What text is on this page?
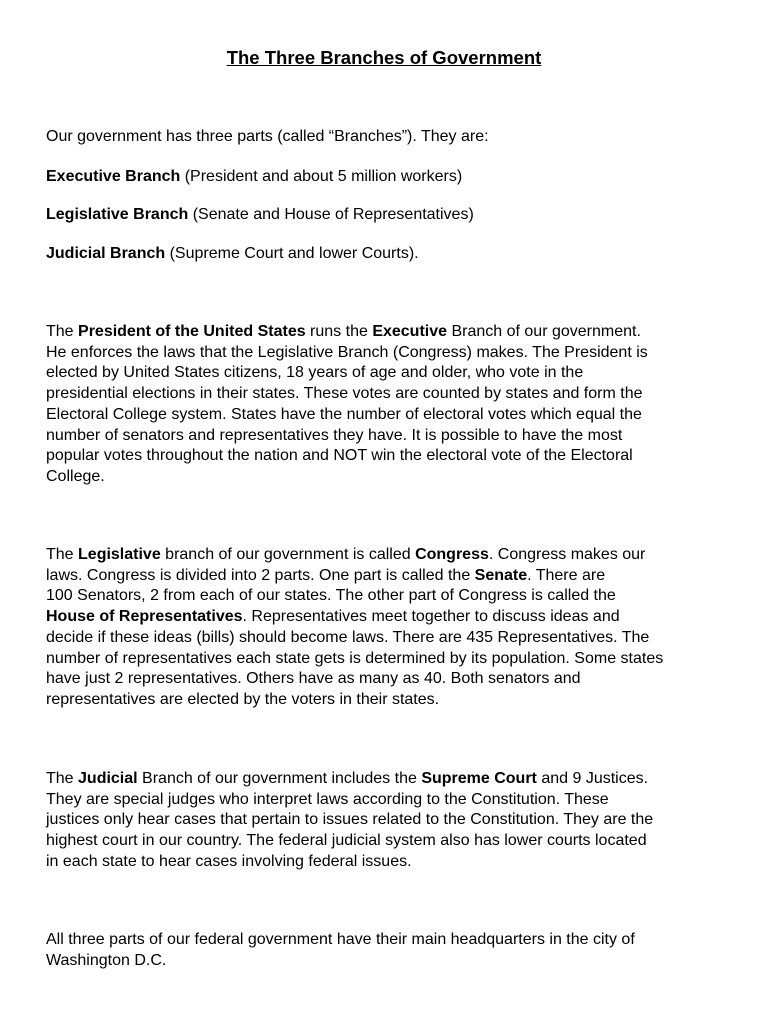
The Three Branches of Government

Our government has three parts (called “Branches”). They are:

Executive Branch (President and about 5 million workers)

Legislative Branch (Senate and House of Representatives)

Judicial Branch (Supreme Court and lower Courts).

The President of the United States runs the Executive Branch of our government.
He enforces the laws that the Legislative Branch (Congress) makes. The President is
elected by United States citizens, 18 years of age and older, who vote in the
presidential elections in their states. These votes are counted by states and form the
Electoral College system. States have the number of electoral votes which equal the
number of senators and representatives they have. It is possible to have the most
popular votes throughout the nation and NOT win the electoral vote of the Electoral
College.
The Legislative branch of our government is called Congress. Congress makes our
laws. Congress is divided into 2 parts. One part is called the Senate. There are
100 Senators, 2 from each of our states. The other part of Congress is called the
House of Representatives. Representatives meet together to discuss ideas and
decide if these ideas (bills) should become laws. There are 435 Representatives. The
number of representatives each state gets is determined by its population. Some states
have just 2 representatives. Others have as many as 40. Both senators and
representatives are elected by the voters in their states.
The Judicial Branch of our government includes the Supreme Court and 9 Justices.
They are special judges who interpret laws according to the Constitution. These
justices only hear cases that pertain to issues related to the Constitution. They are the
highest court in our country. The federal judicial system also has lower courts located
in each state to hear cases involving federal issues.
All three parts of our federal government have their main headquarters in the city of
Washington D.C.
